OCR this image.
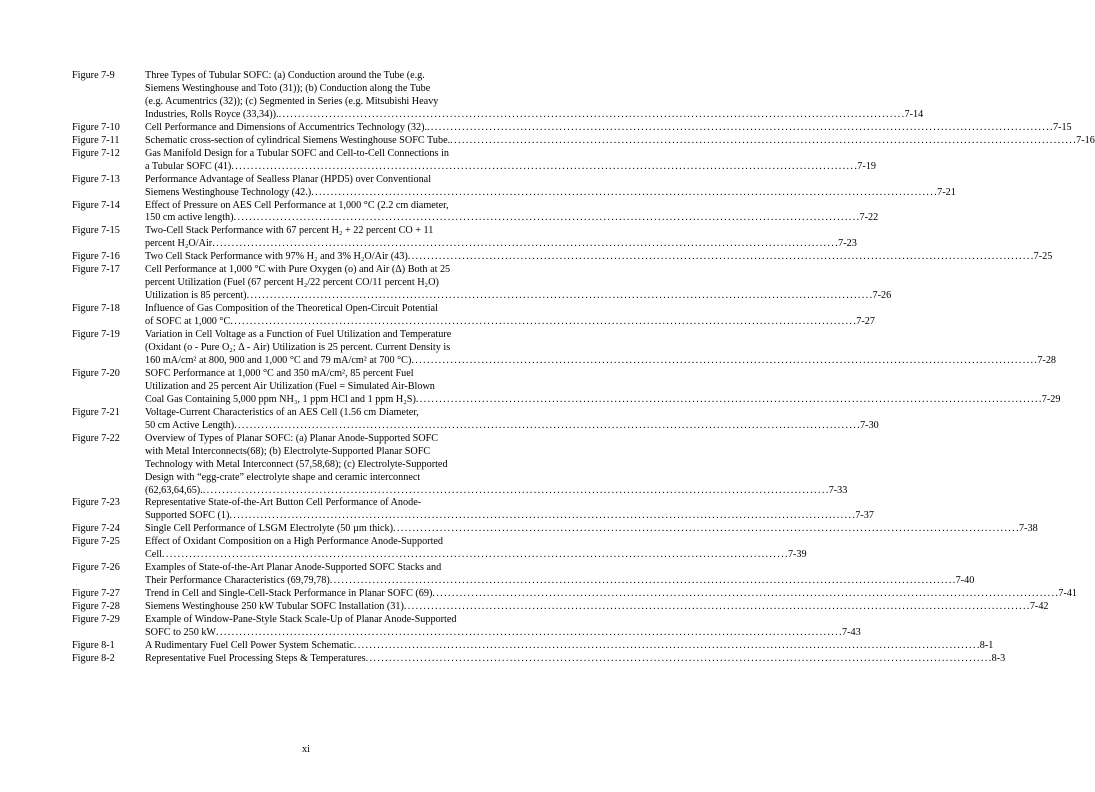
Figure 7-9	Three Types of Tubular SOFC: (a) Conduction around the Tube (e.g.
Siemens Westinghouse and Toto (31)); (b) Conduction along the Tube
(e.g. Acumentrics (32)); (c) Segmented in Series (e.g. Mitsubishi Heavy
Industries, Rolls Royce (33,34)). . . .	7-14
Figure 7-10	Cell Performance and Dimensions of Accumentrics Technology (32). . . .	7-15
Figure 7-11	Schematic cross-section of cylindrical Siemens Westinghouse SOFC Tube. . . .	7-16
Figure 7-12	Gas Manifold Design for a Tubular SOFC and Cell-to-Cell Connections in
a Tubular SOFC (41) . . .	7-19
Figure 7-13	Performance Advantage of Sealless Planar (HPD5) over Conventional
Siemens Westinghouse Technology (42.) . . .	7-21
Figure 7-14	Effect of Pressure on AES Cell Performance at 1,000 °C (2.2 cm diameter,
150 cm active length) . . .	7-22
Figure 7-15	Two-Cell Stack Performance with 67 percent H₂ + 22 percent CO + 11
percent H₂O/Air . . .	7-23
Figure 7-16	Two Cell Stack Performance with 97% H₂ and 3% H₂O/Air (43) . . .	7-25
Figure 7-17	Cell Performance at 1,000 °C with Pure Oxygen (o) and Air (Δ) Both at 25
percent Utilization (Fuel (67 percent H₂/22 percent CO/11 percent H₂O)
Utilization is 85 percent) . . .	7-26
Figure 7-18	Influence of Gas Composition of the Theoretical Open-Circuit Potential
of SOFC at 1,000 °C . . .	7-27
Figure 7-19	Variation in Cell Voltage as a Function of Fuel Utilization and Temperature
(Oxidant (o - Pure O₂; Δ - Air) Utilization is 25 percent. Current Density is
160 mA/cm² at 800, 900 and 1,000 °C and 79 mA/cm² at 700 °C) . . .	7-28
Figure 7-20	SOFC Performance at 1,000 °C and 350 mA/cm², 85 percent Fuel
Utilization and 25 percent Air Utilization (Fuel = Simulated Air-Blown
Coal Gas Containing 5,000 ppm NH₃, 1 ppm HCl and 1 ppm H₂S) . . .	7-29
Figure 7-21	Voltage-Current Characteristics of an AES Cell (1.56 cm Diameter,
50 cm Active Length) . . .	7-30
Figure 7-22	Overview of Types of Planar SOFC: (a) Planar Anode-Supported SOFC
with Metal Interconnects(68); (b) Electrolyte-Supported Planar SOFC
Technology with Metal Interconnect (57,58,68); (c) Electrolyte-Supported
Design with “egg-crate” electrolyte shape and ceramic interconnect
(62,63,64,65). . . .	7-33
Figure 7-23	Representative State-of-the-Art Button Cell Performance of Anode-
Supported SOFC (1) . . .	7-37
Figure 7-24	Single Cell Performance of LSGM Electrolyte (50 µm thick) . . .	7-38
Figure 7-25	Effect of Oxidant Composition on a High Performance Anode-Supported
Cell . . .	7-39
Figure 7-26	Examples of State-of-the-Art Planar Anode-Supported SOFC Stacks and
Their Performance Characteristics (69,79,78) . . .	7-40
Figure 7-27	Trend in Cell and Single-Cell-Stack Performance in Planar SOFC (69) . . .	7-41
Figure 7-28	Siemens Westinghouse 250 kW Tubular SOFC Installation (31) . . .	7-42
Figure 7-29	Example of Window-Pane-Style Stack Scale-Up of Planar Anode-Supported
SOFC to 250 kW . . .	7-43
Figure 8-1	A Rudimentary Fuel Cell Power System Schematic . . .	8-1
Figure 8-2	Representative Fuel Processing Steps & Temperatures . . .	8-3
xi
